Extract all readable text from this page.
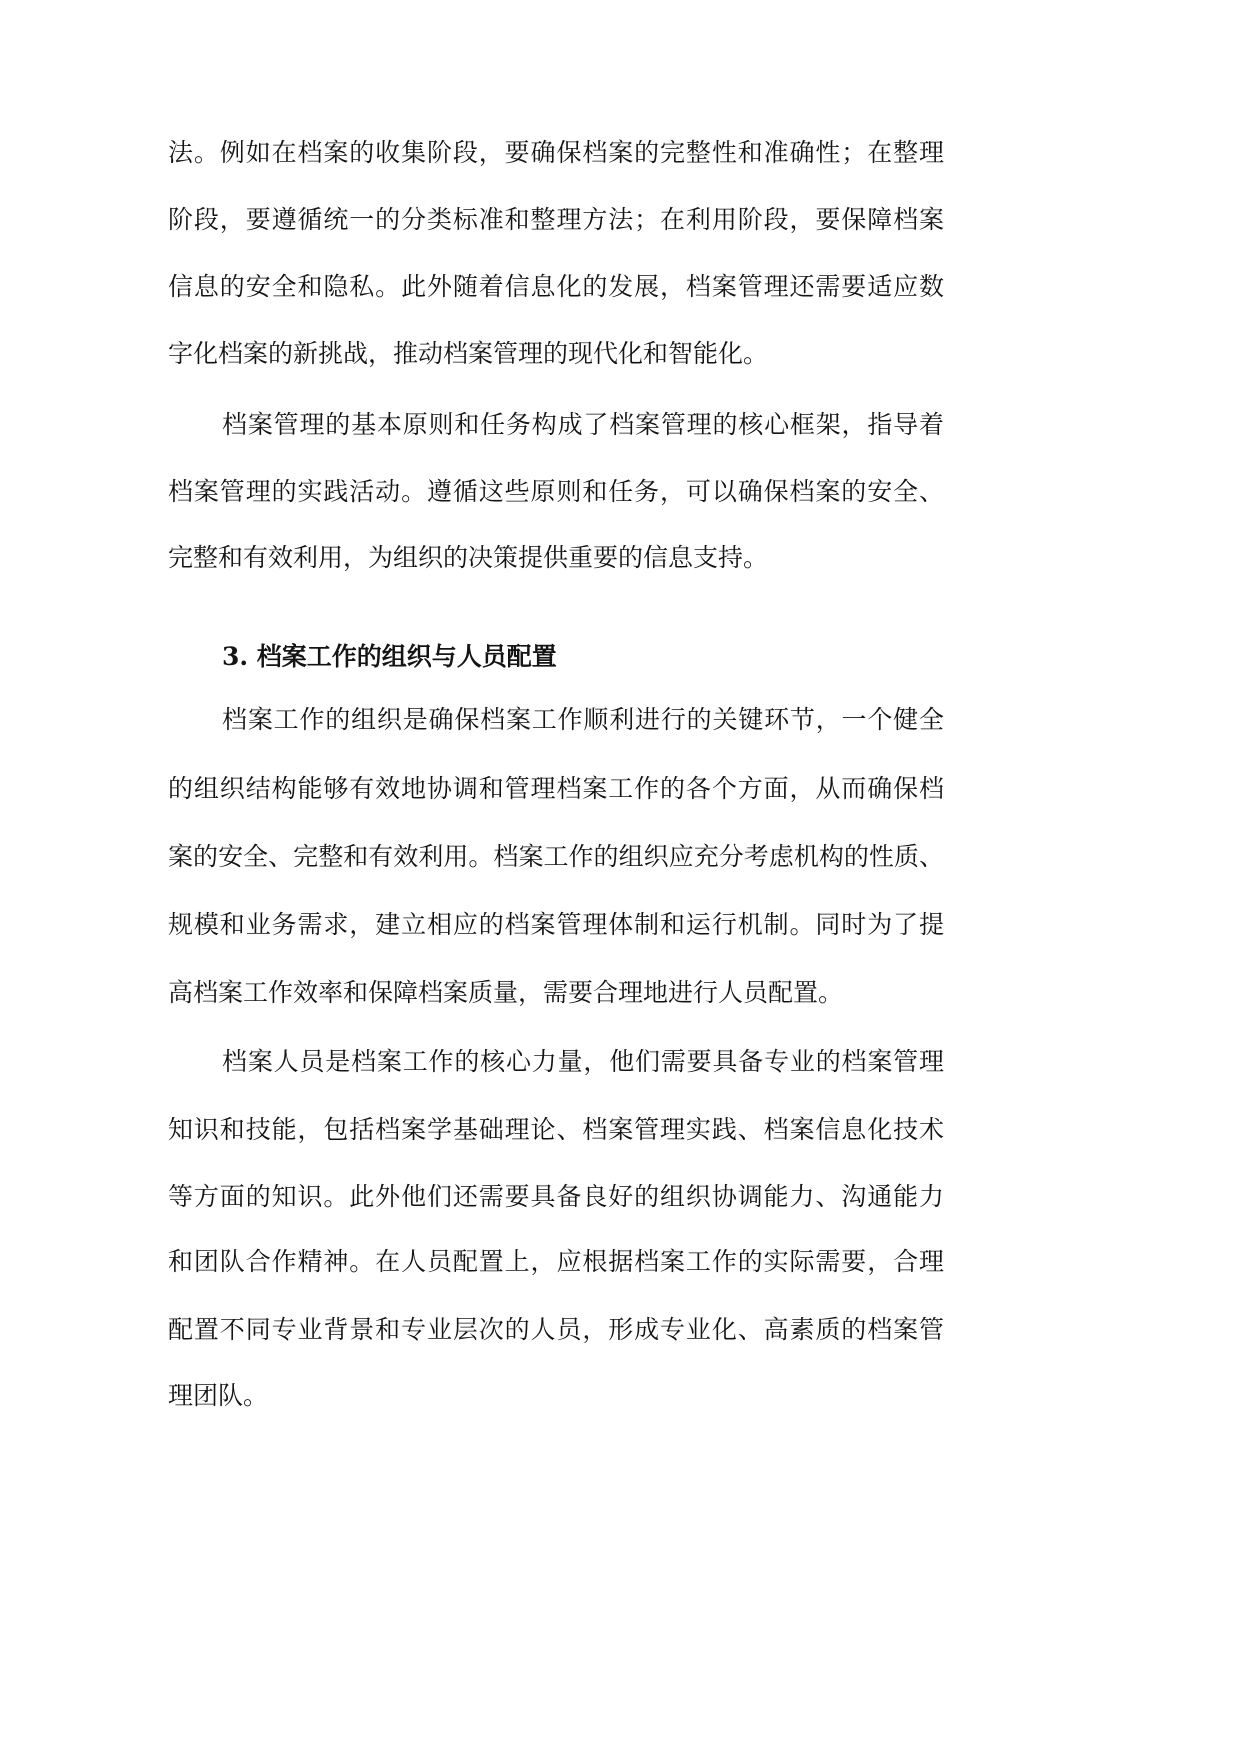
法。例如在档案的收集阶段，要确保档案的完整性和准确性；在整理
阶段，要遵循统一的分类标准和整理方法；在利用阶段，要保障档案
信息的安全和隐私。此外随着信息化的发展，档案管理还需要适应数
字化档案的新挑战，推动档案管理的现代化和智能化。
档案管理的基本原则和任务构成了档案管理的核心框架，指导着
档案管理的实践活动。遵循这些原则和任务，可以确保档案的安全、
完整和有效利用，为组织的决策提供重要的信息支持。
3. 档案工作的组织与人员配置
档案工作的组织是确保档案工作顺利进行的关键环节，一个健全
的组织结构能够有效地协调和管理档案工作的各个方面，从而确保档
案的安全、完整和有效利用。档案工作的组织应充分考虑机构的性质、
规模和业务需求，建立相应的档案管理体制和运行机制。同时为了提
高档案工作效率和保障档案质量，需要合理地进行人员配置。
档案人员是档案工作的核心力量，他们需要具备专业的档案管理
知识和技能，包括档案学基础理论、档案管理实践、档案信息化技术
等方面的知识。此外他们还需要具备良好的组织协调能力、沟通能力
和团队合作精神。在人员配置上，应根据档案工作的实际需要，合理
配置不同专业背景和专业层次的人员，形成专业化、高素质的档案管
理团队。
